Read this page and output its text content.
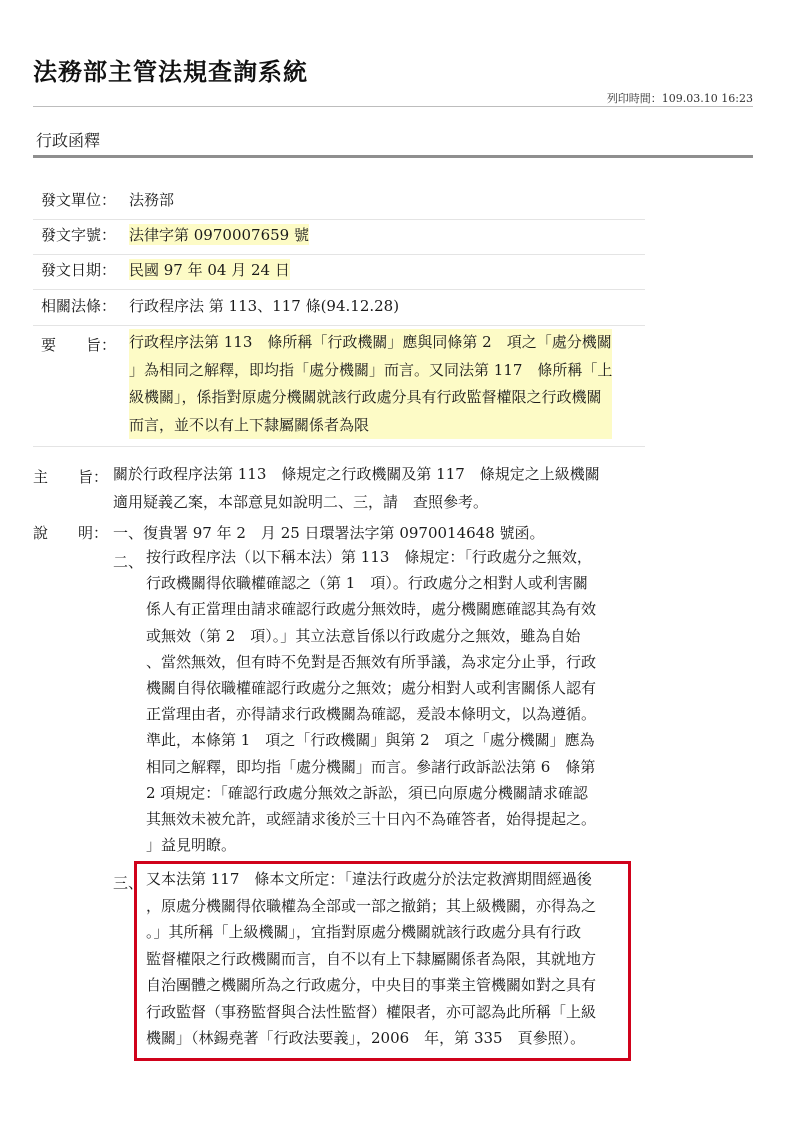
法務部主管法規查詢系統
列印時間：109.03.10 16:23
行政函釋
發文單位： 法務部
發文字號： 法律字第 0970007659 號
發文日期： 民國 97 年 04 月 24 日
相關法條： 行政程序法 第 113、117 條(94.12.28)
要　　旨： 行政程序法第 113　條所稱「行政機關」應與同條第 2　項之「處分機關
」為相同之解釋，即均指「處分機關」而言。又同法第 117　條所稱「上
級機關」，係指對原處分機關就該行政處分具有行政監督權限之行政機關
而言，並不以有上下隸屬關係者為限
主　　旨： 關於行政程序法第 113　條規定之行政機關及第 117　條規定之上級機關
適用疑義乙案，本部意見如說明二、三，請　查照參考。
說　　明： 一、復貴署 97 年 2　月 25 日環署法字第 0970014648 號函。
二、 按行政程序法（以下稱本法）第 113　條規定：「行政處分之無效，
行政機關得依職權確認之（第 1　項）。行政處分之相對人或利害關
係人有正當理由請求確認行政處分無效時，處分機關應確認其為有效
或無效（第 2　項）。」其立法意旨係以行政處分之無效，雖為自始
、當然無效，但有時不免對是否無效有所爭議，為求定分止爭，行政
機關自得依職權確認行政處分之無效；處分相對人或利害關係人認有
正當理由者，亦得請求行政機關為確認，爰設本條明文，以為遵循。
準此，本條第 1　項之「行政機關」與第 2　項之「處分機關」應為
相同之解釋，即均指「處分機關」而言。參諸行政訴訟法第 6　條第
2 項規定：「確認行政處分無效之訴訟，須已向原處分機關請求確認
其無效未被允許，或經請求後於三十日內不為確答者，始得提起之。
」益見明瞭。
三、 又本法第 117　條本文所定：「違法行政處分於法定救濟期間經過後
，原處分機關得依職權為全部或一部之撤銷；其上級機關，亦得為之
。」其所稱「上級機關」，宜指對原處分機關就該行政處分具有行政
監督權限之行政機關而言，自不以有上下隸屬關係者為限，其就地方
自治團體之機關所為之行政處分，中央目的事業主管機關如對之具有
行政監督（事務監督與合法性監督）權限者，亦可認為此所稱「上級
機關」（林錫堯著「行政法要義」，2006　年，第 335　頁參照）。
